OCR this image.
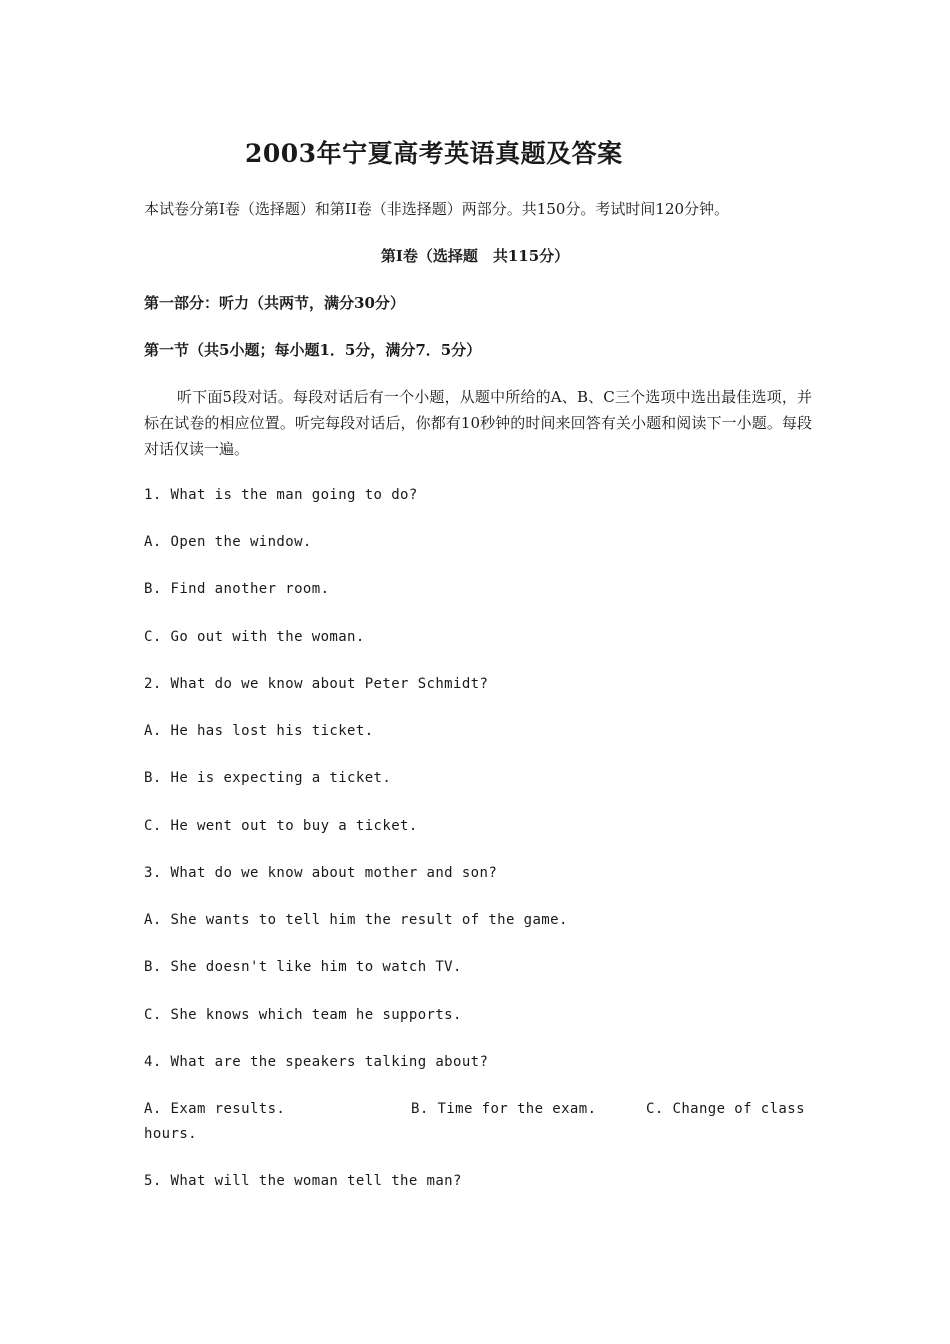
2003年宁夏高考英语真题及答案
本试卷分第Ⅰ卷（选择题）和第II卷（非选择题）两部分。共150分。考试时间120分钟。
第Ⅰ卷（选择题　共115分）
第一部分：听力（共两节，满分30分）
第一节（共5小题；每小题1．5分，满分7．5分）
听下面5段对话。每段对话后有一个小题，从题中所给的A、B、C三个选项中选出最佳选项，并标在试卷的相应位置。听完每段对话后，你都有10秒钟的时间来回答有关小题和阅读下一小题。每段对话仅读一遍。
1. What is the man going to do?
A. Open the window.
B. Find another room.
C. Go out with the woman.
2. What do we know about Peter Schmidt?
A. He has lost his ticket.
B. He is expecting a ticket.
C. He went out to buy a ticket.
3. What do we know about mother and son?
A. She wants to tell him the result of the game.
B. She doesn't like him to watch TV.
C. She knows which team he supports.
4. What are the speakers talking about?
A. Exam results.	B. Time for the exam.	C. Change of class
hours.
5. What will the woman tell the man?
